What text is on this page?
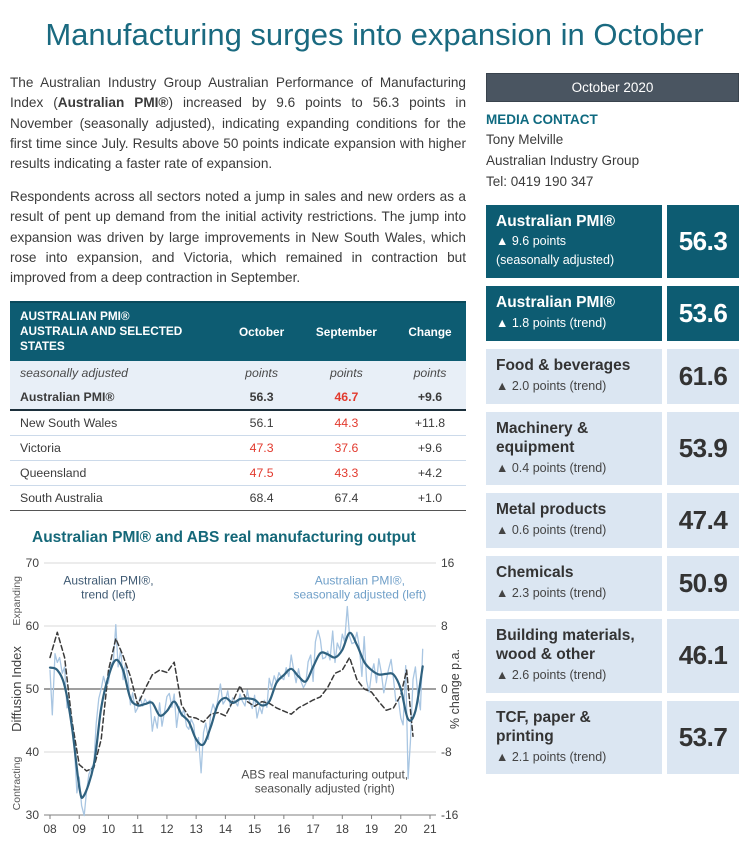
Manufacturing surges into expansion in October

The Australian Industry Group Australian Performance of Manufacturing Index (Australian PMI®) increased by 9.6 points to 56.3 points in November (seasonally adjusted), indicating expanding conditions for the first time since July. Results above 50 points indicate expansion with higher results indicating a faster rate of expansion.

Respondents across all sectors noted a jump in sales and new orders as a result of pent up demand from the initial activity restrictions. The jump into expansion was driven by large improvements in New South Wales, which rose into expansion, and Victoria, which remained in contraction but improved from a deep contraction in September.

AUSTRALIAN PMI®
AUSTRALIA AND SELECTED STATES	October	September	Change
seasonally adjusted	points	points	points
Australian PMI®	56.3	46.7	+9.6
New South Wales	56.1	44.3	+11.8
Victoria	47.3	37.6	+9.6
Queensland	47.5	43.3	+4.2
South Australia	68.4	67.4	+1.0
Australian PMI® and ABS real manufacturing output
30
40
50
60
70
-16
-8
0
8
16
08 09 10 11 12 13 14 15 16 17 18 19 20 21
Expanding
Diffusion Index
Contracting
% change p.a.
Australian PMI®, trend (left)
Australian PMI®, seasonally adjusted (left)
ABS real manufacturing output, seasonally adjusted (right)
October 2020
MEDIA CONTACT
Tony Melville
Australian Industry Group
Tel: 0419 190 347
Australian PMI®
▲ 9.6 points
(seasonally adjusted)
56.3
Australian PMI®
▲ 1.8 points (trend)	53.6
Food & beverages
▲ 2.0 points (trend)	61.6
Machinery & equipment
▲ 0.4 points (trend)
53.9
Metal products
▲ 0.6 points (trend)	47.4
Chemicals
▲ 2.3 points (trend)	50.9
Building materials, wood & other
▲ 2.6 points (trend)
46.1
TCF, paper & printing
▲ 2.1 points (trend)
53.7
